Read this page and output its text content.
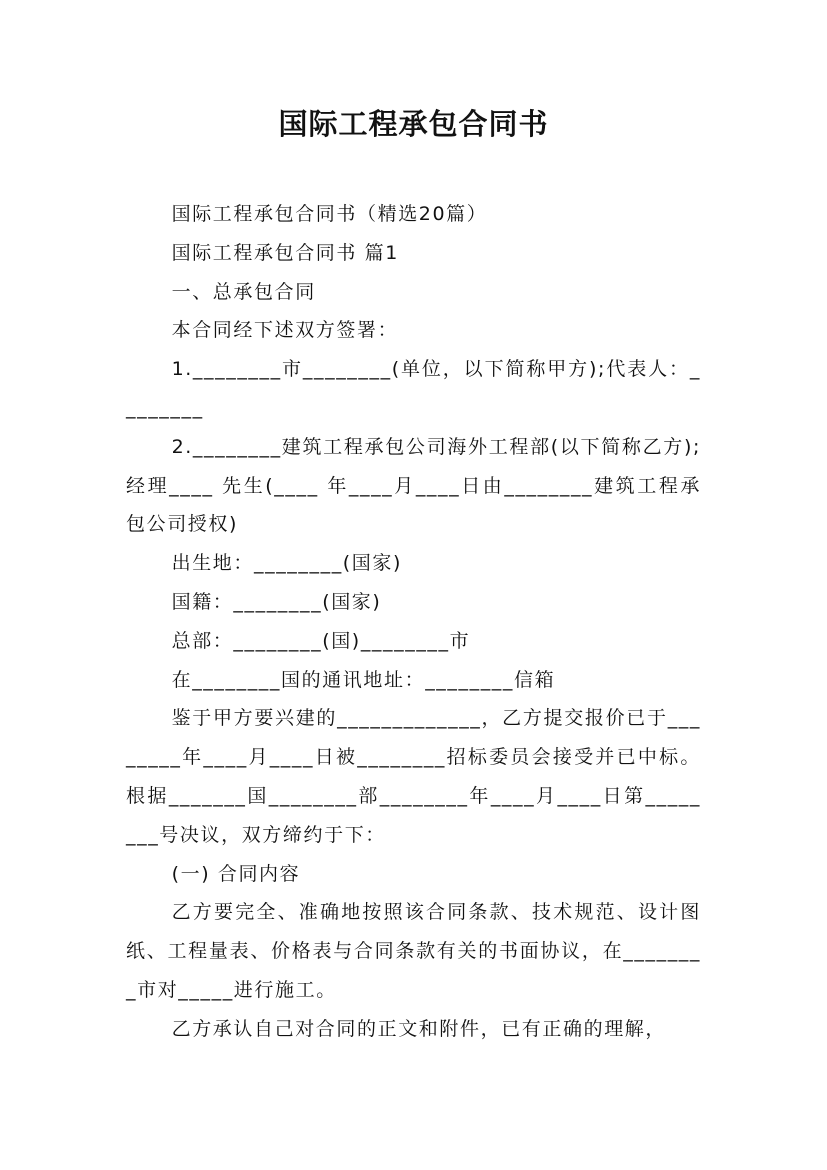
国际工程承包合同书

国际工程承包合同书（精选20篇）

国际工程承包合同书 篇1

一、总承包合同

本合同经下述双方签署：

1.________市________(单位，以下简称甲方);代表人：________

2.________建筑工程承包公司海外工程部(以下简称乙方);经理____ 先生(____ 年____月____日由________建筑工程承包公司授权)

出生地：________(国家)

国籍：________(国家)

总部：________(国)________市

在________国的通讯地址：________信箱

鉴于甲方要兴建的_____________，乙方提交报价已于________年____月____日被________招标委员会接受并已中标。根据_______国________部________年____月____日第________号决议，双方缔约于下：

(一) 合同内容

乙方要完全、准确地按照该合同条款、技术规范、设计图纸、工程量表、价格表与合同条款有关的书面协议，在________市对_____进行施工。

乙方承认自己对合同的正文和附件，已有正确的理解，
